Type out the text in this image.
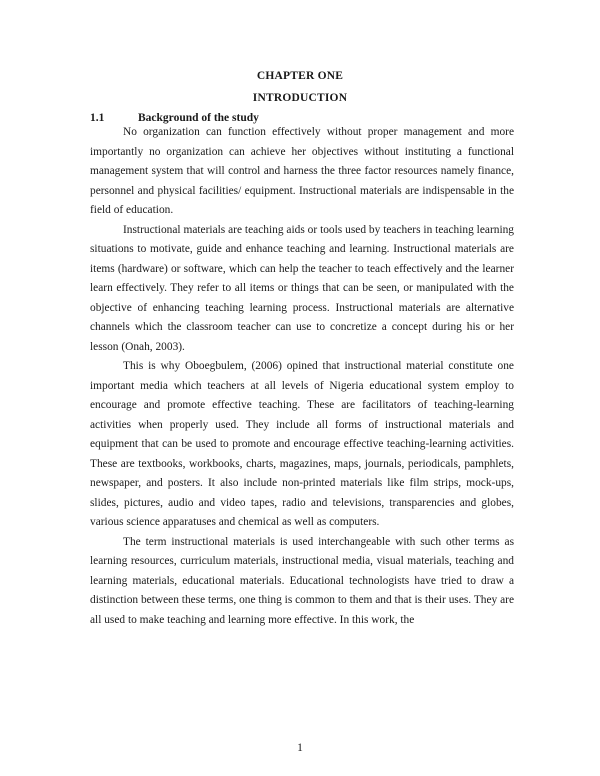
CHAPTER ONE
INTRODUCTION
1.1	Background of the study

No organization can function effectively without proper management and more importantly no organization can achieve her objectives without instituting a functional management system that will control and harness the three factor resources namely finance, personnel and physical facilities/ equipment. Instructional materials are indispensable in the field of education.

Instructional materials are teaching aids or tools used by teachers in teaching learning situations to motivate, guide and enhance teaching and learning. Instructional materials are items (hardware) or software, which can help the teacher to teach effectively and the learner learn effectively. They refer to all items or things that can be seen, or manipulated with the objective of enhancing teaching learning process. Instructional materials are alternative channels which the classroom teacher can use to concretize a concept during his or her lesson (Onah, 2003).

This is why Oboegbulem, (2006) opined that instructional material constitute one important media which teachers at all levels of Nigeria educational system employ to encourage and promote effective teaching. These are facilitators of teaching-learning activities when properly used. They include all forms of instructional materials and equipment that can be used to promote and encourage effective teaching-learning activities. These are textbooks, workbooks, charts, magazines, maps, journals, periodicals, pamphlets, newspaper, and posters. It also include non-printed materials like film strips, mock-ups, slides, pictures, audio and video tapes, radio and televisions, transparencies and globes, various science apparatuses and chemical as well as computers.

The term instructional materials is used interchangeable with such other terms as learning resources, curriculum materials, instructional media, visual materials, teaching and learning materials, educational materials. Educational technologists have tried to draw a distinction between these terms, one thing is common to them and that is their uses. They are all used to make teaching and learning more effective. In this work, the

1
